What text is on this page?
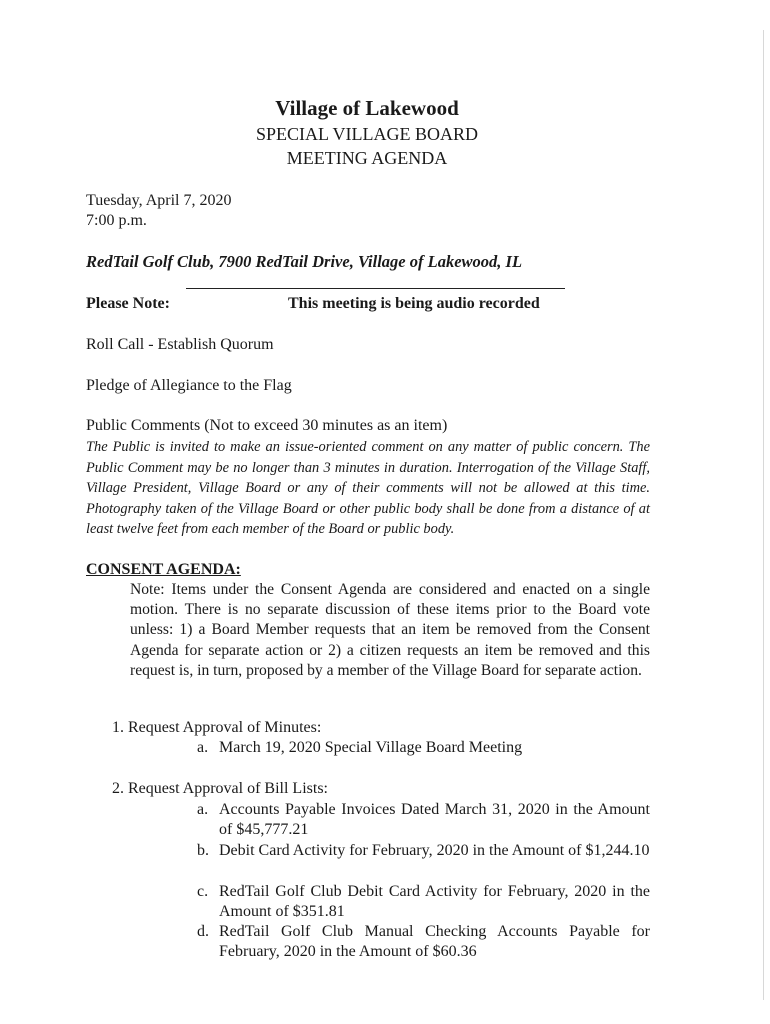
Village of Lakewood
SPECIAL VILLAGE BOARD
MEETING AGENDA
Tuesday, April 7, 2020
7:00 p.m.
RedTail Golf Club, 7900 RedTail Drive, Village of Lakewood, IL
Please Note:	This meeting is being audio recorded
Roll Call - Establish Quorum
Pledge of Allegiance to the Flag
Public Comments (Not to exceed 30 minutes as an item)
The Public is invited to make an issue-oriented comment on any matter of public concern. The Public Comment may be no longer than 3 minutes in duration. Interrogation of the Village Staff, Village President, Village Board or any of their comments will not be allowed at this time. Photography taken of the Village Board or other public body shall be done from a distance of at least twelve feet from each member of the Board or public body.
CONSENT AGENDA:
Note: Items under the Consent Agenda are considered and enacted on a single motion. There is no separate discussion of these items prior to the Board vote unless: 1) a Board Member requests that an item be removed from the Consent Agenda for separate action or 2) a citizen requests an item be removed and this request is, in turn, proposed by a member of the Village Board for separate action.
1. Request Approval of Minutes:
a. March 19, 2020 Special Village Board Meeting
2. Request Approval of Bill Lists:
a. Accounts Payable Invoices Dated March 31, 2020 in the Amount of $45,777.21
b. Debit Card Activity for February, 2020 in the Amount of $1,244.10
c. RedTail Golf Club Debit Card Activity for February, 2020 in the Amount of $351.81
d. RedTail Golf Club Manual Checking Accounts Payable for February, 2020 in the Amount of $60.36
